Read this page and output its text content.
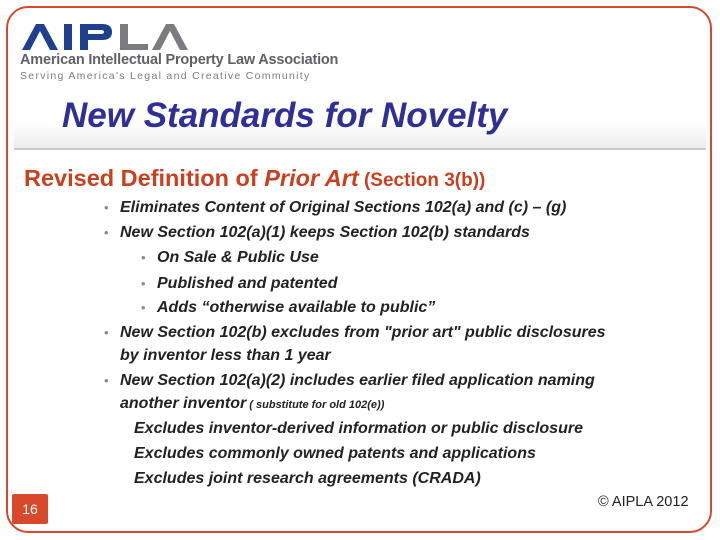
American Intellectual Property Law Association
Serving America's Legal and Creative Community
New Standards for Novelty
Revised Definition of Prior Art (Section 3(b))
• Eliminates Content of Original Sections 102(a) and (c) – (g)
• New Section 102(a)(1) keeps Section 102(b) standards
• On Sale & Public Use
• Published and patented
• Adds “otherwise available to public”
• New Section 102(b) excludes from "prior art" public disclosures
by inventor less than 1 year
• New Section 102(a)(2) includes earlier filed application naming
another inventor ( substitute for old 102(e))
Excludes inventor-derived information or public disclosure
Excludes commonly owned patents and applications
Excludes joint research agreements (CRADA)
16	© AIPLA 2012
